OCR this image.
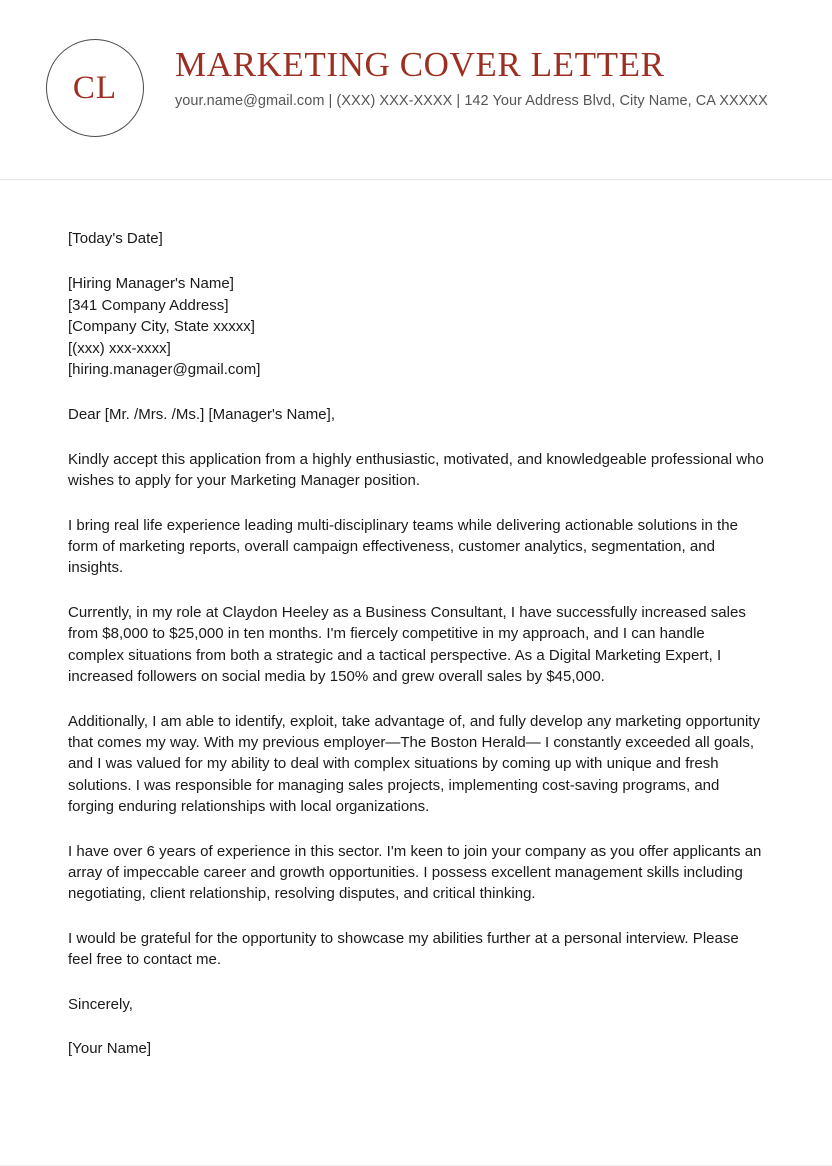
CL
MARKETING COVER LETTER

your.name@gmail.com | (XXX) XXX-XXXX | 142 Your Address Blvd, City Name, CA XXXXX

[Today's Date]

[Hiring Manager's Name]
[341 Company Address]
[Company City, State xxxxx]
[(xxx) xxx-xxxx]
[hiring.manager@gmail.com]

Dear [Mr. /Mrs. /Ms.] [Manager's Name],

Kindly accept this application from a highly enthusiastic, motivated, and knowledgeable professional who wishes to apply for your Marketing Manager position.

I bring real life experience leading multi-disciplinary teams while delivering actionable solutions in the form of marketing reports, overall campaign effectiveness, customer analytics, segmentation, and insights.

Currently, in my role at Claydon Heeley as a Business Consultant, I have successfully increased sales from $8,000 to $25,000 in ten months. I'm fiercely competitive in my approach, and I can handle complex situations from both a strategic and a tactical perspective. As a Digital Marketing Expert, I increased followers on social media by 150% and grew overall sales by $45,000.

Additionally, I am able to identify, exploit, take advantage of, and fully develop any marketing opportunity that comes my way. With my previous employer—The Boston Herald— I constantly exceeded all goals, and I was valued for my ability to deal with complex situations by coming up with unique and fresh solutions. I was responsible for managing sales projects, implementing cost-saving programs, and forging enduring relationships with local organizations.

I have over 6 years of experience in this sector. I'm keen to join your company as you offer applicants an array of impeccable career and growth opportunities. I possess excellent management skills including negotiating, client relationship, resolving disputes, and critical thinking.

I would be grateful for the opportunity to showcase my abilities further at a personal interview. Please feel free to contact me.

Sincerely,

[Your Name]
